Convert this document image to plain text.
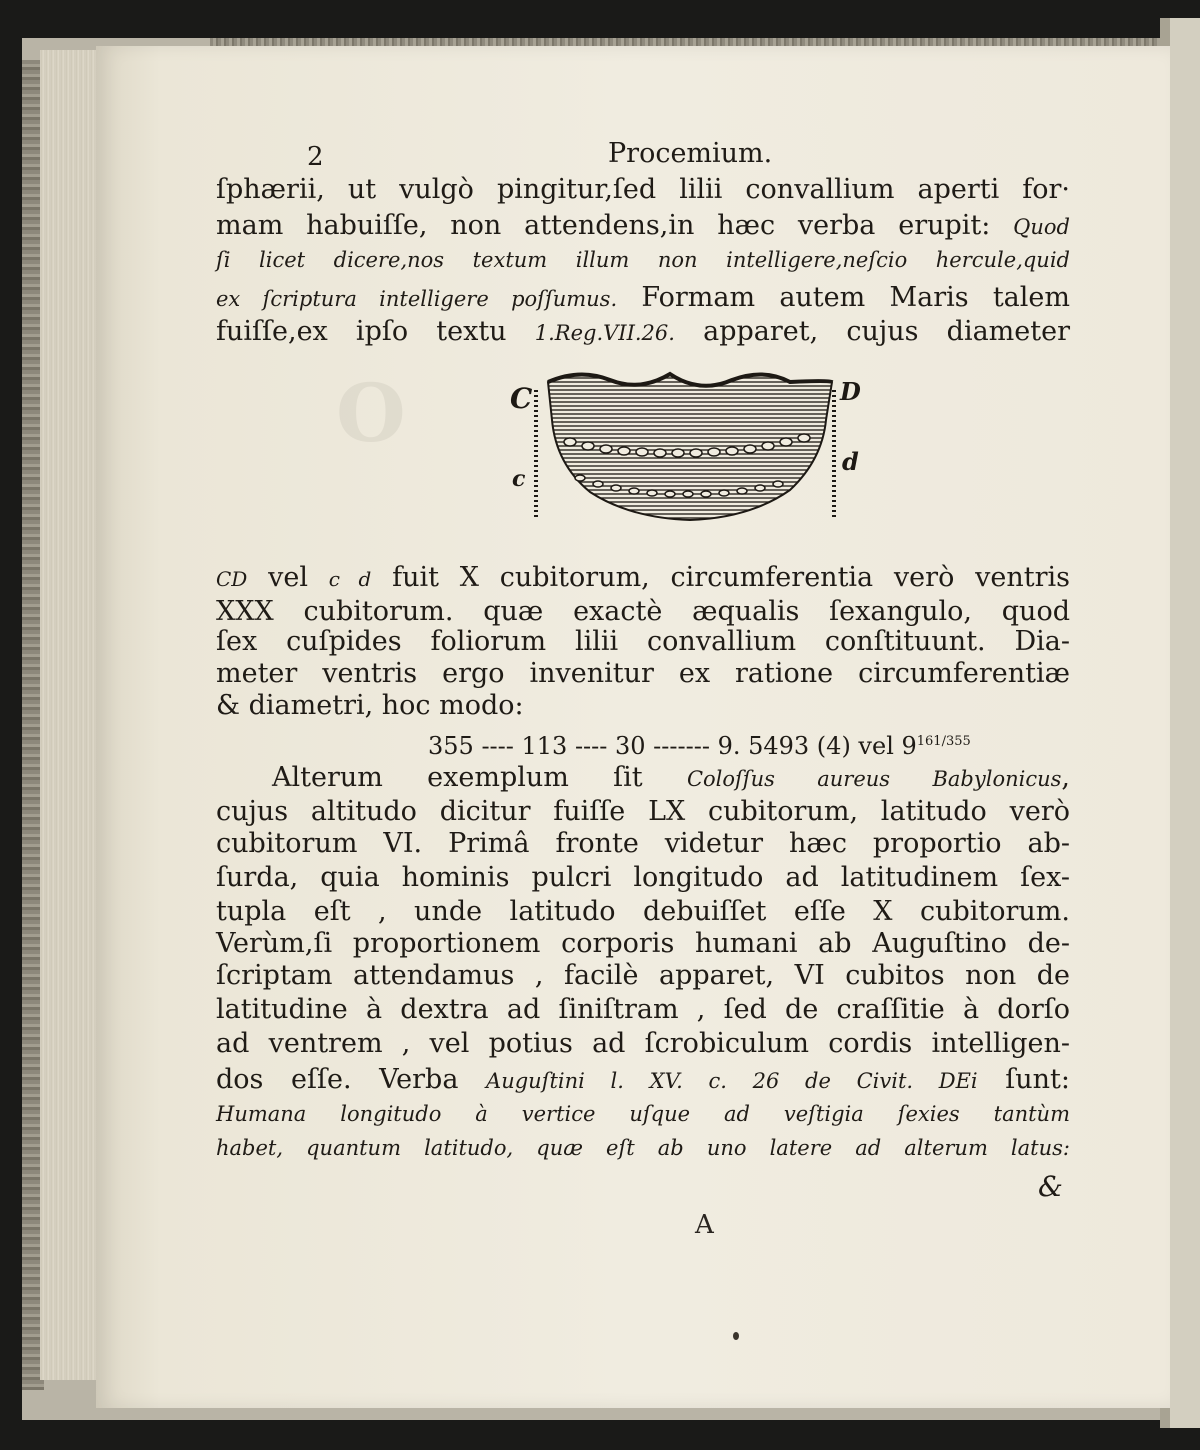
O
2	Procemium.
ſphærii, ut vulgò pingitur,ſed lilii convallium aperti for·
mam habuiſſe, non attendens,in hæc verba erupit: Quod
ſi licet dicere,nos textum illum non intelligere,neſcio hercule,quid
ex ſcriptura intelligere poſſumus. Formam autem Maris talem
fuiſſe,ex ipſo textu 1.Reg.VII.26. apparet, cujus diameter
C	D
c
d
CD vel c d fuit X cubitorum, circumferentia verò ventris
XXX cubitorum. quæ exactè æqualis ſexangulo, quod
ſex cuſpides foliorum lilii convallium conſtituunt. Dia-
meter ventris ergo invenitur ex ratione circumferentiæ
& diametri, hoc modo:
355 ---- 113 ---- 30 ------- 9. 5493 (4) vel $9^{161/355}$
Alterum exemplum ſit Coloſſus aureus Babylonicus,
cujus altitudo dicitur fuiſſe LX cubitorum, latitudo verò
cubitorum VI. Primâ fronte videtur hæc proportio ab-
ſurda, quia hominis pulcri longitudo ad latitudinem ſex-
tupla eſt , unde latitudo debuiſſet eſſe X cubitorum.
Verùm,ſi proportionem corporis humani ab Auguſtino de-
ſcriptam attendamus , facilè apparet, VI cubitos non de
latitudine à dextra ad ſiniſtram , ſed de craſſitie à dorſo
ad ventrem , vel potius ad ſcrobiculum cordis intelligen-
dos eſſe. Verba Auguſtini l. XV. c. 26 de Civit. DEi ſunt:
Humana longitudo à vertice uſque ad veſtigia ſexies tantùm
habet, quantum latitudo, quæ eſt ab uno latere ad alterum latus:
&
A
